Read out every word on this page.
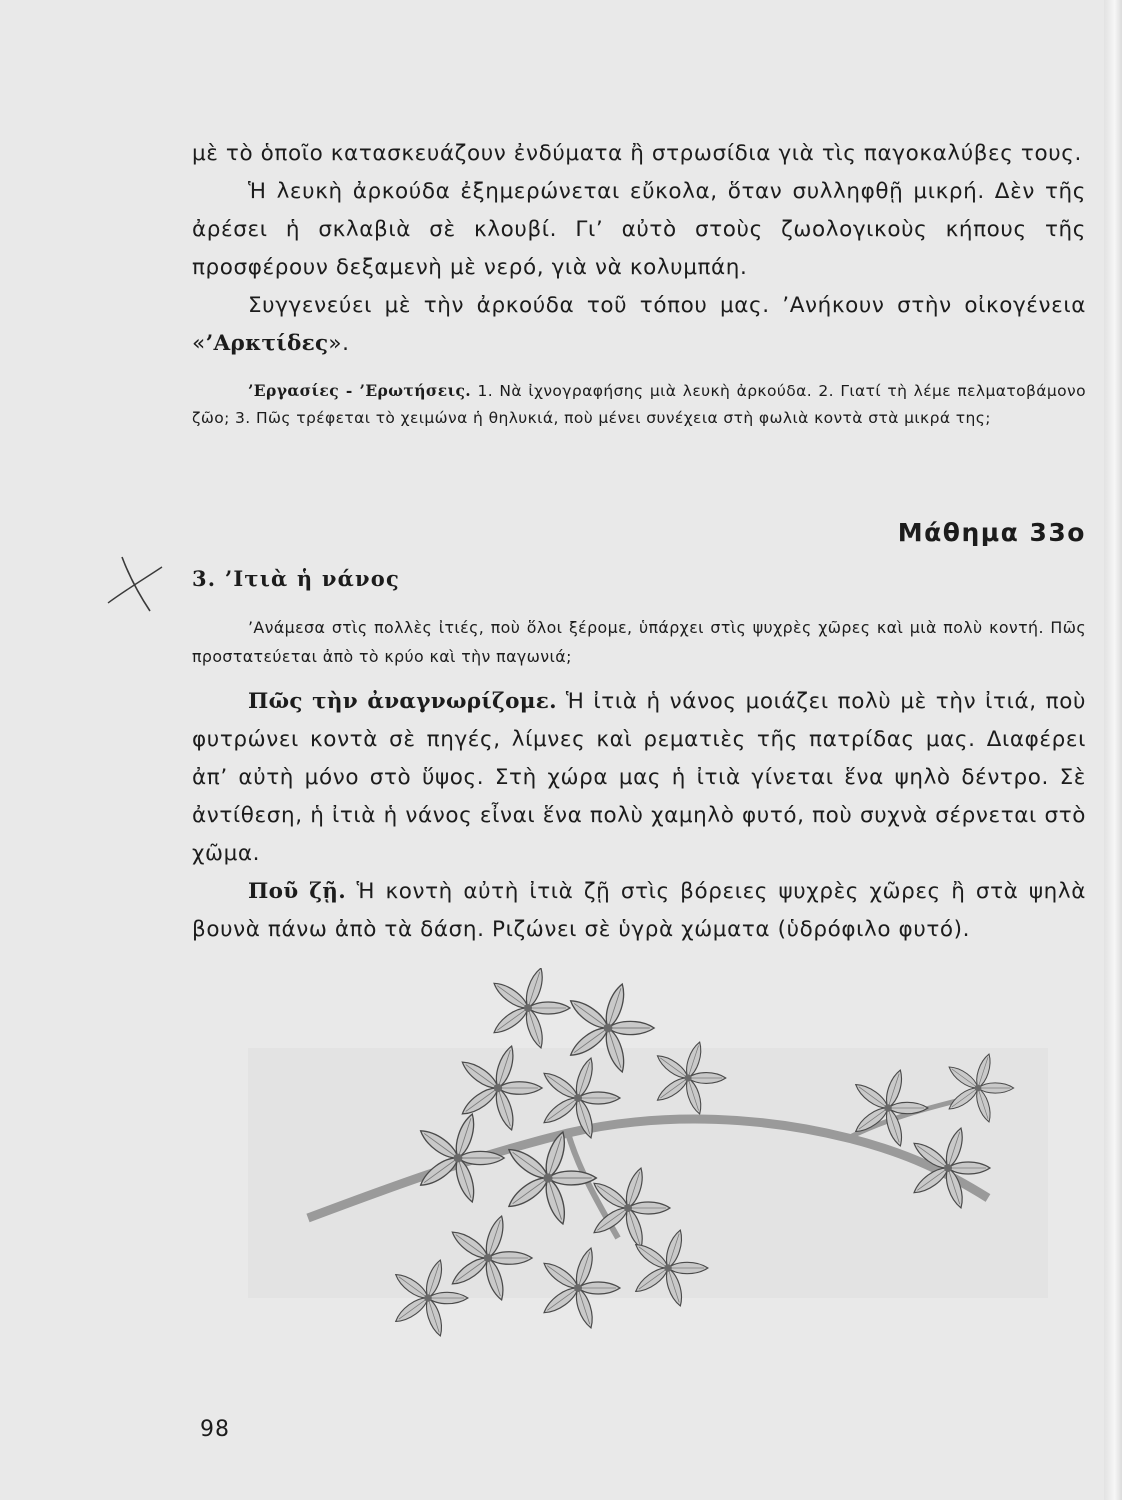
μὲ τὸ ὁποῖο κατασκευάζουν ἐνδύματα ἢ στρωσίδια γιὰ τὶς παγοκαλύβες τους.

Ἡ λευκὴ ἀρκούδα ἐξημερώνεται εὔκολα, ὅταν συλληφθῇ μικρή. Δὲν τῆς ἀρέσει ἡ σκλαβιὰ σὲ κλουβί. Γι’ αὐτὸ στοὺς ζωολογικοὺς κήπους τῆς προσφέρουν δεξαμενὴ μὲ νερό, γιὰ νὰ κολυμπάη.

Συγγενεύει μὲ τὴν ἀρκούδα τοῦ τόπου μας. ’Ανήκουν στὴν οἰκογένεια «’Αρκτίδες».

’Εργασίες - ’Ερωτήσεις. 1. Νὰ ἰχνογραφήσης μιὰ λευκὴ ἀρκούδα. 2. Γιατί τὴ λέμε πελματοβάμονο ζῶο; 3. Πῶς τρέφεται τὸ χειμώνα ἡ θηλυκιά, ποὺ μένει συνέχεια στὴ φωλιὰ κοντὰ στὰ μικρά της;

Μάθημα 33ο
3. ’Ιτιὰ ἡ νάνος

’Ανάμεσα στὶς πολλὲς ἰτιές, ποὺ ὅλοι ξέρομε, ὑπάρχει στὶς ψυχρὲς χῶρες καὶ μιὰ πολὺ κοντή. Πῶς προστατεύεται ἀπὸ τὸ κρύο καὶ τὴν παγωνιά;

Πῶς τὴν ἀναγνωρίζομε. Ἡ ἰτιὰ ἡ νάνος μοιάζει πολὺ μὲ τὴν ἰτιά, ποὺ φυτρώνει κοντὰ σὲ πηγές, λίμνες καὶ ρεματιὲς τῆς πατρίδας μας. Διαφέρει ἀπ’ αὐτὴ μόνο στὸ ὕψος. Στὴ χώρα μας ἡ ἰτιὰ γίνεται ἕνα ψηλὸ δέντρο. Σὲ ἀντίθεση, ἡ ἰτιὰ ἡ νάνος εἶναι ἕνα πολὺ χαμηλὸ φυτό, ποὺ συχνὰ σέρνεται στὸ χῶμα.

Ποῦ ζῇ. Ἡ κοντὴ αὐτὴ ἰτιὰ ζῇ στὶς βόρειες ψυχρὲς χῶρες ἢ στὰ ψηλὰ βουνὰ πάνω ἀπὸ τὰ δάση. Ριζώνει σὲ ὑγρὰ χώματα (ὑδρόφιλο φυτό).

98
